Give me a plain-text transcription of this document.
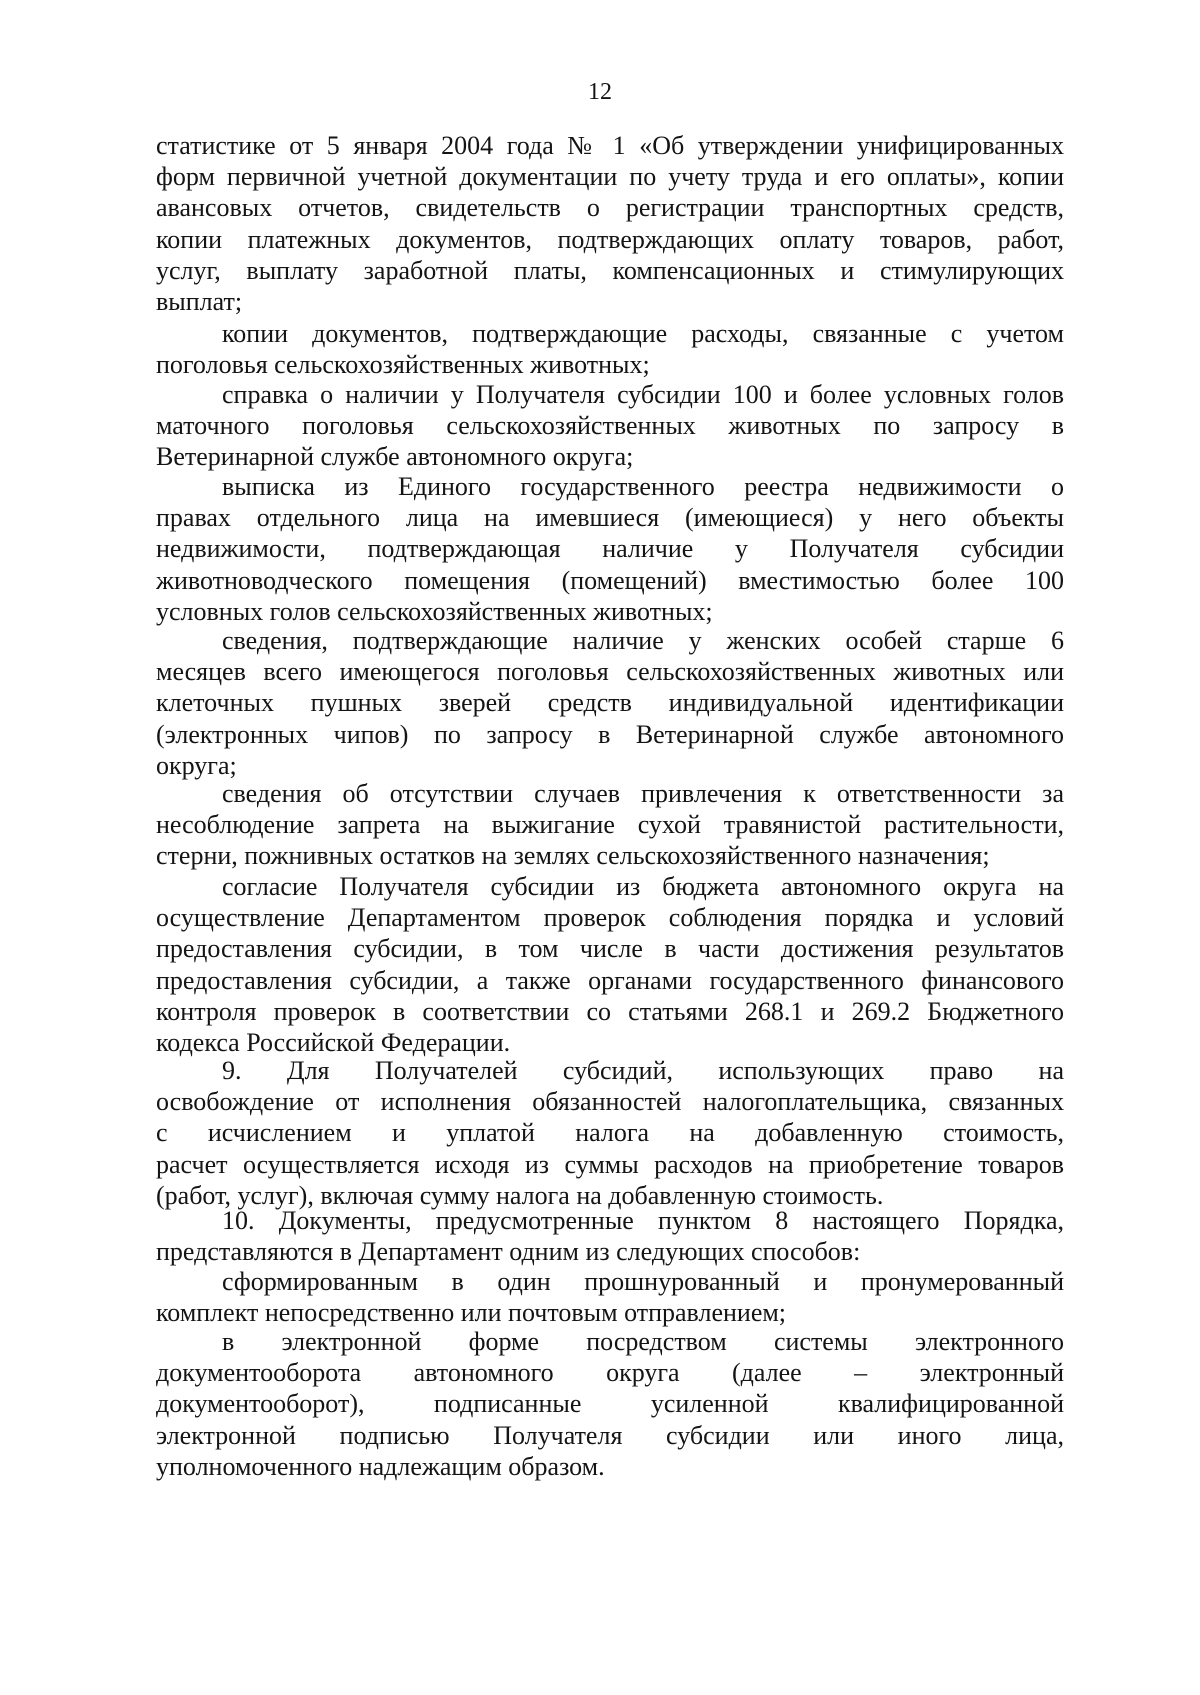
12
статистике от 5 января 2004 года № 1 «Об утверждении унифицированных
форм первичной учетной документации по учету труда и его оплаты», копии
авансовых отчетов, свидетельств о регистрации транспортных средств,
копии платежных документов, подтверждающих оплату товаров, работ,
услуг, выплату заработной платы, компенсационных и стимулирующих
выплат;
копии документов, подтверждающие расходы, связанные с учетом
поголовья сельскохозяйственных животных;
справка о наличии у Получателя субсидии 100 и более условных голов
маточного поголовья сельскохозяйственных животных по запросу в
Ветеринарной службе автономного округа;
выписка из Единого государственного реестра недвижимости о
правах отдельного лица на имевшиеся (имеющиеся) у него объекты
недвижимости, подтверждающая наличие у Получателя субсидии
животноводческого помещения (помещений) вместимостью более 100
условных голов сельскохозяйственных животных;
сведения, подтверждающие наличие у женских особей старше 6
месяцев всего имеющегося поголовья сельскохозяйственных животных или
клеточных пушных зверей средств индивидуальной идентификации
(электронных чипов) по запросу в Ветеринарной службе автономного
округа;
сведения об отсутствии случаев привлечения к ответственности за
несоблюдение запрета на выжигание сухой травянистой растительности,
стерни, пожнивных остатков на землях сельскохозяйственного назначения;
согласие Получателя субсидии из бюджета автономного округа на
осуществление Департаментом проверок соблюдения порядка и условий
предоставления субсидии, в том числе в части достижения результатов
предоставления субсидии, а также органами государственного финансового
контроля проверок в соответствии со статьями 268.1 и 269.2 Бюджетного
кодекса Российской Федерации.
9. Для Получателей субсидий, использующих право на
освобождение от исполнения обязанностей налогоплательщика, связанных
с исчислением и уплатой налога на добавленную стоимость,
расчет осуществляется исходя из суммы расходов на приобретение товаров
(работ, услуг), включая сумму налога на добавленную стоимость.
10. Документы, предусмотренные пунктом 8 настоящего Порядка,
представляются в Департамент одним из следующих способов:
сформированным в один прошнурованный и пронумерованный
комплект непосредственно или почтовым отправлением;
в электронной форме посредством системы электронного
документооборота автономного округа (далее – электронный
документооборот), подписанные усиленной квалифицированной
электронной подписью Получателя субсидии или иного лица,
уполномоченного надлежащим образом.
